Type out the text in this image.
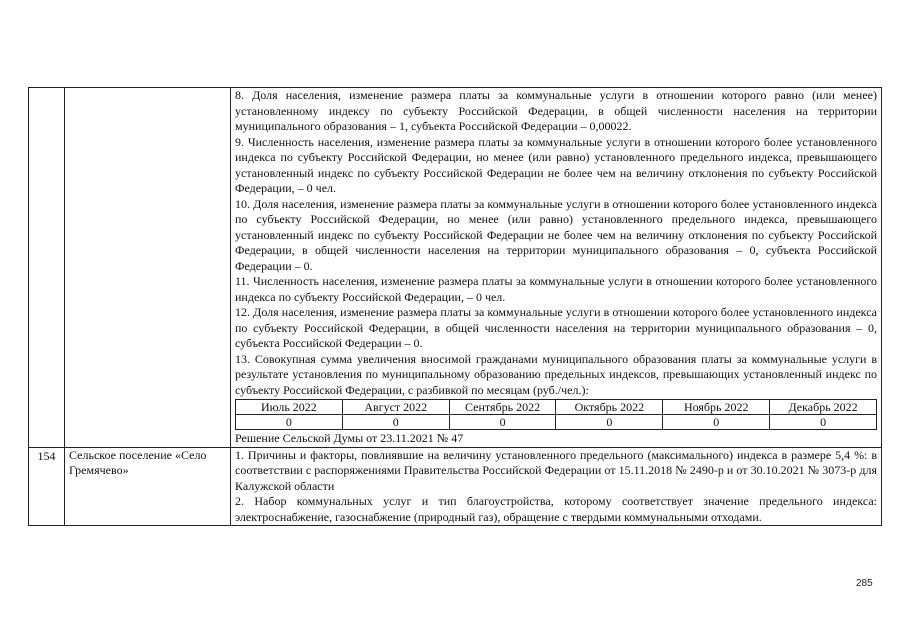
8. Доля населения, изменение размера платы за коммунальные услуги в отношении которого равно (или менее) установленному индексу по субъекту Российской Федерации, в общей численности населения на территории муниципального образования – 1, субъекта Российской Федерации – 0,00022.
9. Численность населения, изменение размера платы за коммунальные услуги в отношении которого более установленного индекса по субъекту Российской Федерации, но менее (или равно) установленного предельного индекса, превышающего установленный индекс по субъекту Российской Федерации не более чем на величину отклонения по субъекту Российской Федерации, – 0 чел.
10. Доля населения, изменение размера платы за коммунальные услуги в отношении которого более установленного индекса по субъекту Российской Федерации, но менее (или равно) установленного предельного индекса, превышающего установленный индекс по субъекту Российской Федерации не более чем на величину отклонения по субъекту Российской Федерации, в общей численности населения на территории муниципального образования – 0, субъекта Российской Федерации – 0.
11. Численность населения, изменение размера платы за коммунальные услуги в отношении которого более установленного индекса по субъекту Российской Федерации, – 0 чел.
12. Доля населения, изменение размера платы за коммунальные услуги в отношении которого более установленного индекса по субъекту Российской Федерации, в общей численности населения на территории муниципального образования – 0, субъекта Российской Федерации – 0.
13. Совокупная сумма увеличения вносимой гражданами муниципального образования платы за коммунальные услуги в результате установления по муниципальному образованию предельных индексов, превышающих установленный индекс по субъекту Российской Федерации, с разбивкой по месяцам (руб./чел.):
Июль 2022	Август 2022	Сентябрь 2022	Октябрь 2022	Ноябрь 2022	Декабрь 2022
0	0	0	0	0	0
Решение Сельской Думы от 23.11.2021 № 47

154	Сельское поселение «Село Гремячево»	
1. Причины и факторы, повлиявшие на величину установленного предельного (максимального) индекса в размере 5,4 %: в соответствии с распоряжениями Правительства Российской Федерации от 15.11.2018 № 2490-р и от 30.10.2021 № 3073-р для Калужской области
2. Набор коммунальных услуг и тип благоустройства, которому соответствует значение предельного индекса: электроснабжение, газоснабжение (природный газ), обращение с твердыми коммунальными отходами.
285
